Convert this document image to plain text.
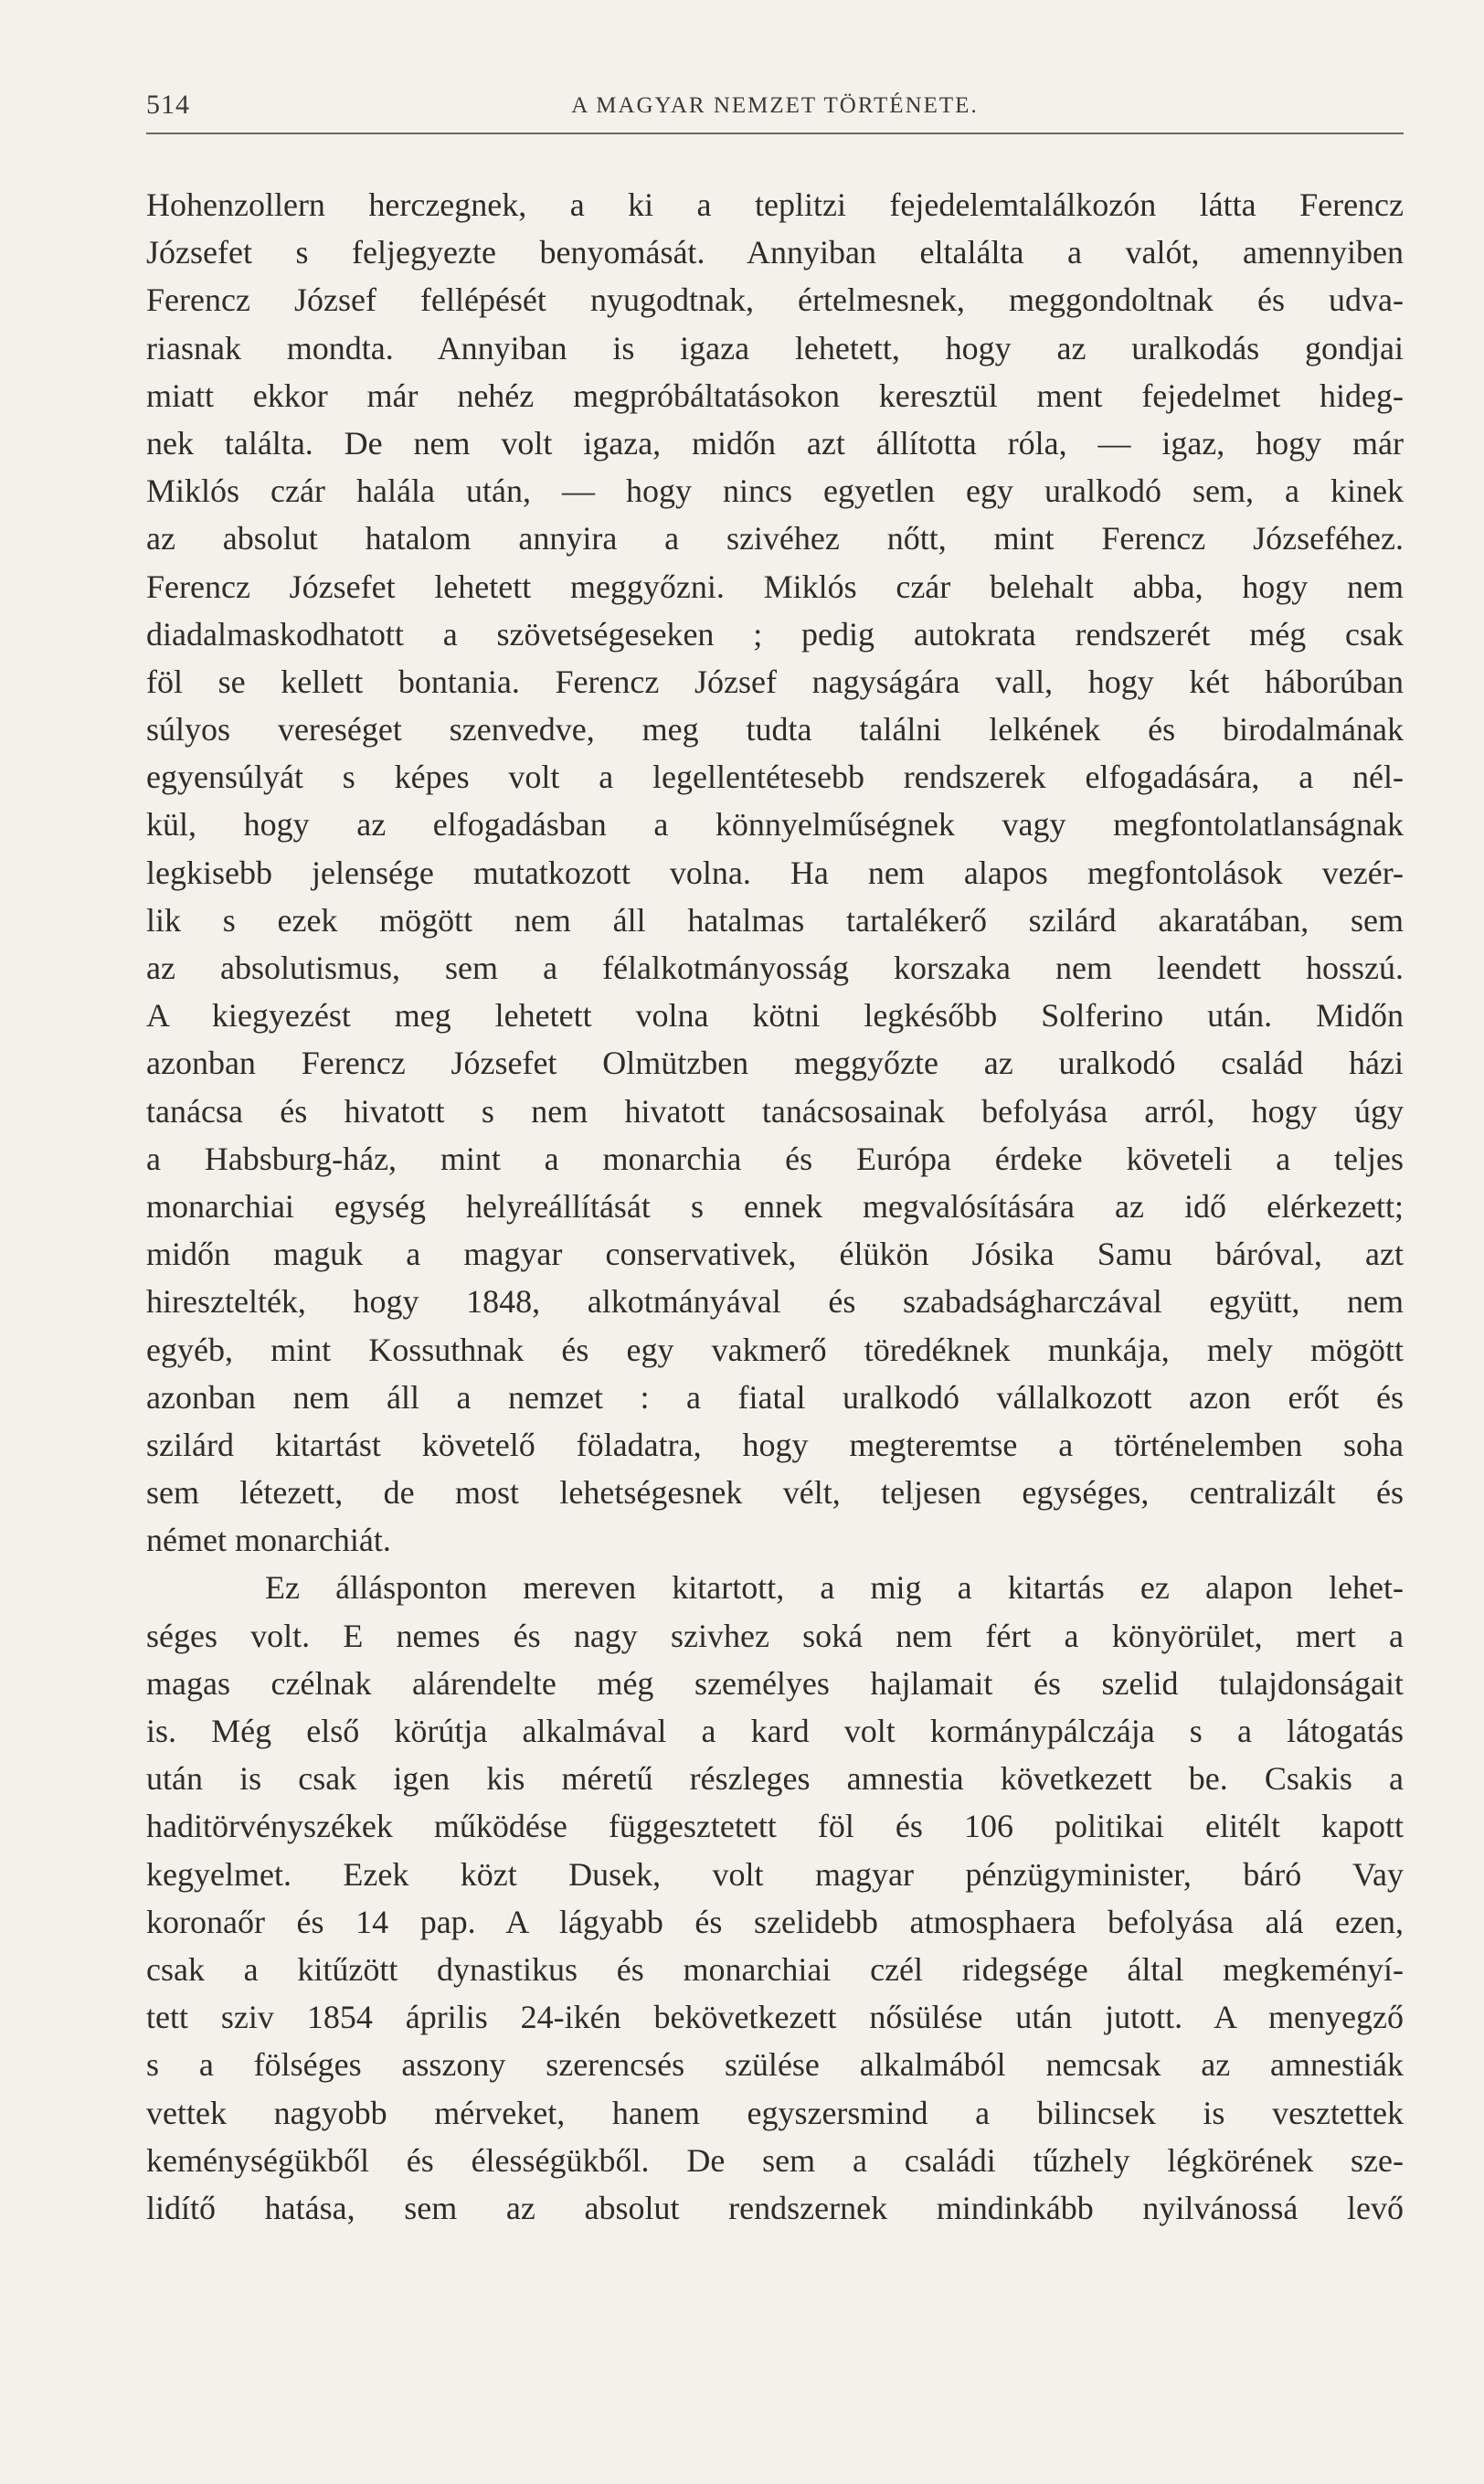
514	A MAGYAR NEMZET TÖRTÉNETE.
Hohenzollern herczegnek, a ki a teplitzi fejedelemtalálkozón látta Ferencz
Józsefet s feljegyezte benyomását. Annyiban eltalálta a valót, amennyiben
Ferencz József fellépését nyugodtnak, értelmesnek, meggondoltnak és udva-
riasnak mondta. Annyiban is igaza lehetett, hogy az uralkodás gondjai
miatt ekkor már nehéz megpróbáltatásokon keresztül ment fejedelmet hideg-
nek találta. De nem volt igaza, midőn azt állította róla, — igaz, hogy már
Miklós czár halála után, — hogy nincs egyetlen egy uralkodó sem, a kinek
az absolut hatalom annyira a szivéhez nőtt, mint Ferencz Józseféhez.
Ferencz Józsefet lehetett meggyőzni. Miklós czár belehalt abba, hogy nem
diadalmaskodhatott a szövetségeseken ; pedig autokrata rendszerét még csak
föl se kellett bontania. Ferencz József nagyságára vall, hogy két háborúban
súlyos vereséget szenvedve, meg tudta találni lelkének és birodalmának
egyensúlyát s képes volt a legellentétesebb rendszerek elfogadására, a nél-
kül, hogy az elfogadásban a könnyelműségnek vagy megfontolatlanságnak
legkisebb jelensége mutatkozott volna. Ha nem alapos megfontolások vezér-
lik s ezek mögött nem áll hatalmas tartalékerő szilárd akaratában, sem
az absolutismus, sem a félalkotmányosság korszaka nem leendett hosszú.
A kiegyezést meg lehetett volna kötni legkésőbb Solferino után. Midőn
azonban Ferencz Józsefet Olmützben meggyőzte az uralkodó család házi
tanácsa és hivatott s nem hivatott tanácsosainak befolyása arról, hogy úgy
a Habsburg-ház, mint a monarchia és Európa érdeke követeli a teljes
monarchiai egység helyreállítását s ennek megvalósítására az idő elérkezett;
midőn maguk a magyar conservativek, élükön Jósika Samu báróval, azt
hiresztelték, hogy 1848, alkotmányával és szabadságharczával együtt, nem
egyéb, mint Kossuthnak és egy vakmerő töredéknek munkája, mely mögött
azonban nem áll a nemzet : a fiatal uralkodó vállalkozott azon erőt és
szilárd kitartást követelő föladatra, hogy megteremtse a történelemben soha
sem létezett, de most lehetségesnek vélt, teljesen egységes, centralizált és
német monarchiát.
Ez állásponton mereven kitartott, a mig a kitartás ez alapon lehet-
séges volt. E nemes és nagy szivhez soká nem fért a könyörület, mert a
magas czélnak alárendelte még személyes hajlamait és szelid tulajdonságait
is. Még első körútja alkalmával a kard volt kormánypálczája s a látogatás
után is csak igen kis méretű részleges amnestia következett be. Csakis a
haditörvényszékek működése függesztetett föl és 106 politikai elitélt kapott
kegyelmet. Ezek közt Dusek, volt magyar pénzügyminister, báró Vay
koronaőr és 14 pap. A lágyabb és szelidebb atmosphaera befolyása alá ezen,
csak a kitűzött dynastikus és monarchiai czél ridegsége által megkeményí-
tett sziv 1854 április 24-ikén bekövetkezett nősülése után jutott. A menyegző
s a fölséges asszony szerencsés szülése alkalmából nemcsak az amnestiák
vettek nagyobb mérveket, hanem egyszersmind a bilincsek is vesztettek
keménységükből és élességükből. De sem a családi tűzhely légkörének sze-
lidítő hatása, sem az absolut rendszernek mindinkább nyilvánossá levő
